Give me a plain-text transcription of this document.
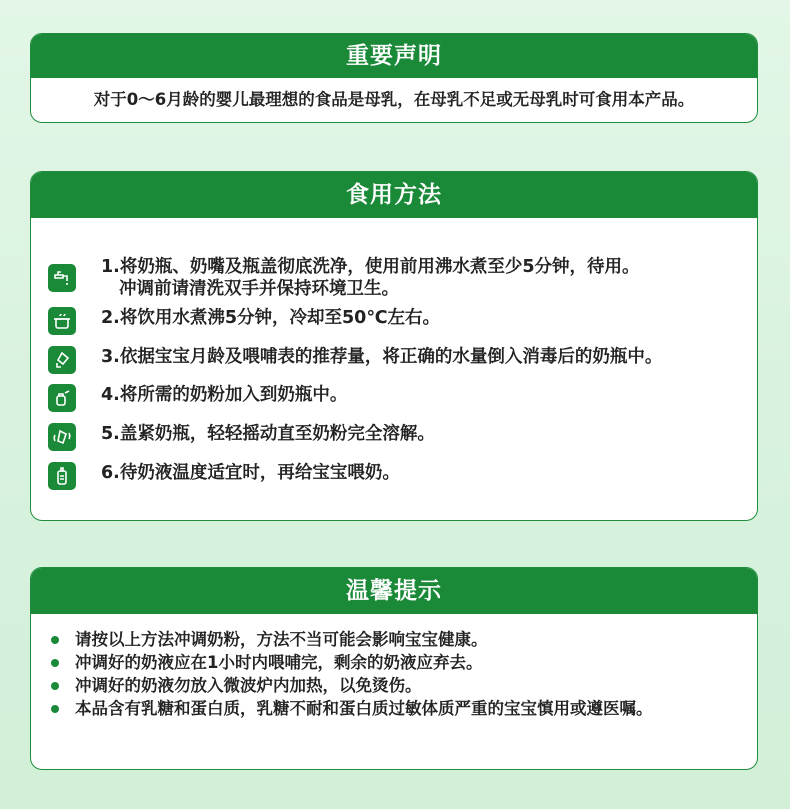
重要声明
对于0～6月龄的婴儿最理想的食品是母乳，在母乳不足或无母乳时可食用本产品。
食用方法
1.将奶瓶、奶嘴及瓶盖彻底洗净，使用前用沸水煮至少5分钟，待用。
冲调前请清洗双手并保持环境卫生。
2.将饮用水煮沸5分钟，冷却至50℃左右。
3.依据宝宝月龄及喂哺表的推荐量，将正确的水量倒入消毒后的奶瓶中。
4.将所需的奶粉加入到奶瓶中。
5.盖紧奶瓶，轻轻摇动直至奶粉完全溶解。
6.待奶液温度适宜时，再给宝宝喂奶。
温馨提示
请按以上方法冲调奶粉，方法不当可能会影响宝宝健康。
冲调好的奶液应在1小时内喂哺完，剩余的奶液应弃去。
冲调好的奶液勿放入微波炉内加热，以免烫伤。
本品含有乳糖和蛋白质，乳糖不耐和蛋白质过敏体质严重的宝宝慎用或遵医嘱。
